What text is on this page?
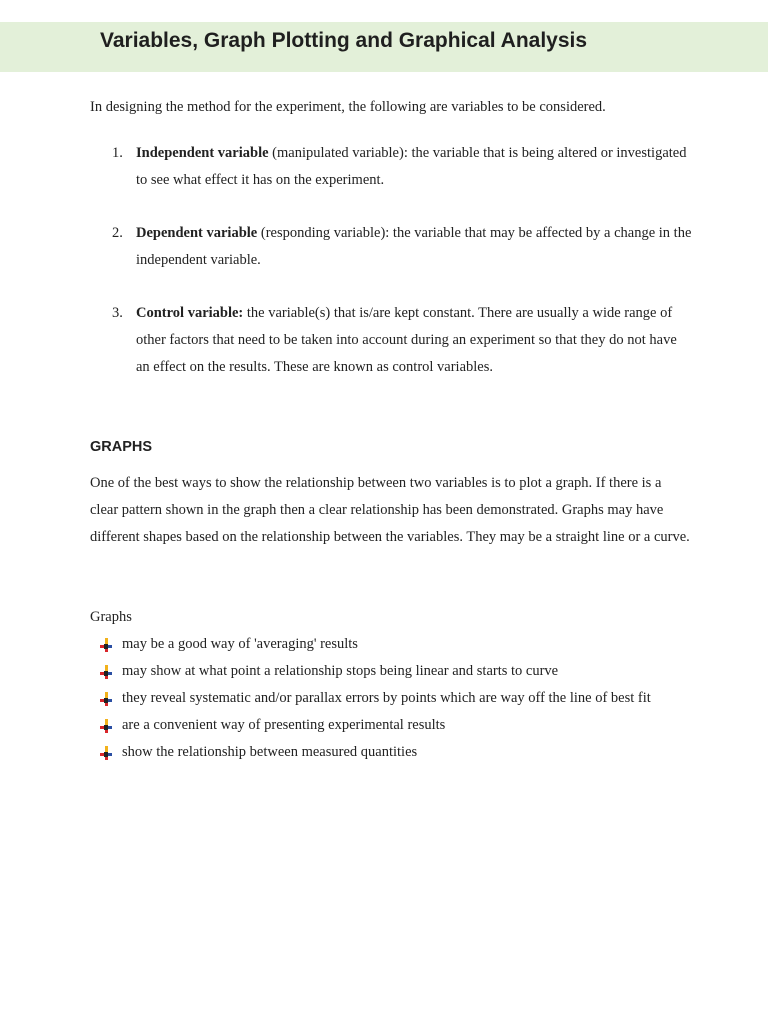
Variables, Graph Plotting and Graphical Analysis
In designing the method for the experiment, the following are variables to be considered.
1. Independent variable (manipulated variable): the variable that is being altered or investigated to see what effect it has on the experiment.
2. Dependent variable (responding variable): the variable that may be affected by a change in the independent variable.
3. Control variable: the variable(s) that is/are kept constant. There are usually a wide range of other factors that need to be taken into account during an experiment so that they do not have an effect on the results. These are known as control variables.
GRAPHS
One of the best ways to show the relationship between two variables is to plot a graph. If there is a clear pattern shown in the graph then a clear relationship has been demonstrated. Graphs may have different shapes based on the relationship between the variables. They may be a straight line or a curve.
Graphs
may be a good way of 'averaging' results
may show at what point a relationship stops being linear and starts to curve
they reveal systematic and/or parallax errors by points which are way off the line of best fit
are a convenient way of presenting experimental results
show the relationship between measured quantities
